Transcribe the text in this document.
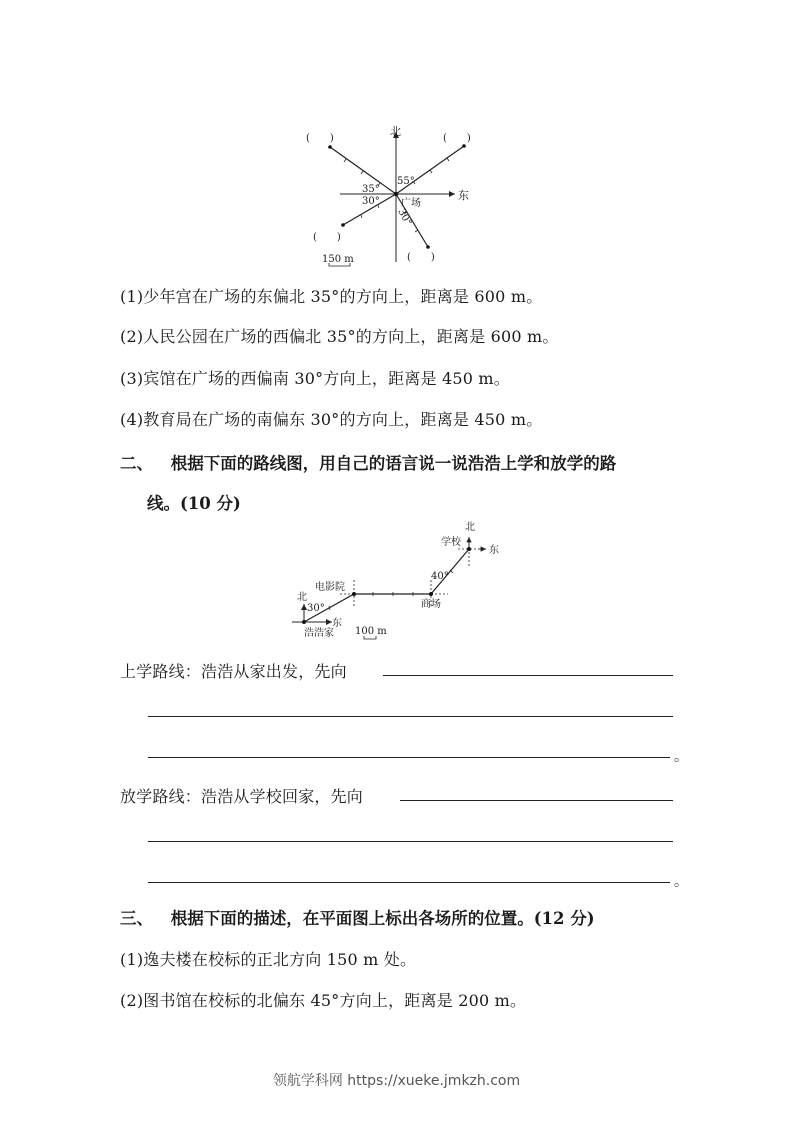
北
东
广场
55°
35°
30°
30°
(　　)	(　　)
(　　)
(　　)
150 m
(1)少年宫在广场的东偏北 35°的方向上，距离是 600 m。
(2)人民公园在广场的西偏北 35°的方向上，距离是 600 m。
(3)宾馆在广场的西偏南 30°方向上，距离是 450 m。
(4)教育局在广场的南偏东 30°的方向上，距离是 450 m。
二、 根据下面的路线图，用自己的语言说一说浩浩上学和放学的路
线。(10 分)
北
东
30°
浩浩家
电影院
商场
40°
学校
北
东
100 m
上学路线：浩浩从家出发，先向
。
放学路线：浩浩从学校回家，先向
。
三、 根据下面的描述，在平面图上标出各场所的位置。(12 分)
(1)逸夫楼在校标的正北方向 150 m 处。
(2)图书馆在校标的北偏东 45°方向上，距离是 200 m。
领航学科网 https://xueke.jmkzh.com
